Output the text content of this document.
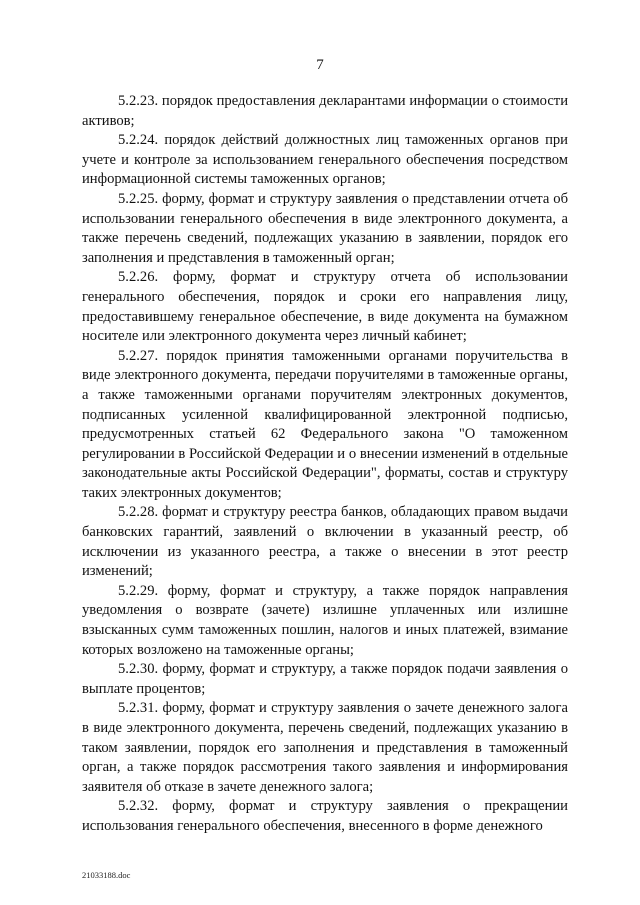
7

5.2.23. порядок предоставления декларантами информации о стоимости активов;

5.2.24. порядок действий должностных лиц таможенных органов при учете и контроле за использованием генерального обеспечения посредством информационной системы таможенных органов;

5.2.25. форму, формат и структуру заявления о представлении отчета об использовании генерального обеспечения в виде электронного документа, а также перечень сведений, подлежащих указанию в заявлении, порядок его заполнения и представления в таможенный орган;

5.2.26. форму, формат и структуру отчета об использовании генерального обеспечения, порядок и сроки его направления лицу, предоставившему генеральное обеспечение, в виде документа на бумажном носителе или электронного документа через личный кабинет;

5.2.27. порядок принятия таможенными органами поручительства в виде электронного документа, передачи поручителями в таможенные органы, а также таможенными органами поручителям электронных документов, подписанных усиленной квалифицированной электронной подписью, предусмотренных статьей 62 Федерального закона "О таможенном регулировании в Российской Федерации и о внесении изменений в отдельные законодательные акты Российской Федерации", форматы, состав и структуру таких электронных документов;

5.2.28. формат и структуру реестра банков, обладающих правом выдачи банковских гарантий, заявлений о включении в указанный реестр, об исключении из указанного реестра, а также о внесении в этот реестр изменений;

5.2.29. форму, формат и структуру, а также порядок направления уведомления о возврате (зачете) излишне уплаченных или излишне взысканных сумм таможенных пошлин, налогов и иных платежей, взимание которых возложено на таможенные органы;

5.2.30. форму, формат и структуру, а также порядок подачи заявления о выплате процентов;

5.2.31. форму, формат и структуру заявления о зачете денежного залога в виде электронного документа, перечень сведений, подлежащих указанию в таком заявлении, порядок его заполнения и представления в таможенный орган, а также порядок рассмотрения такого заявления и информирования заявителя об отказе в зачете денежного залога;

5.2.32. форму, формат и структуру заявления о прекращении использования генерального обеспечения, внесенного в форме денежного

21033188.doc
